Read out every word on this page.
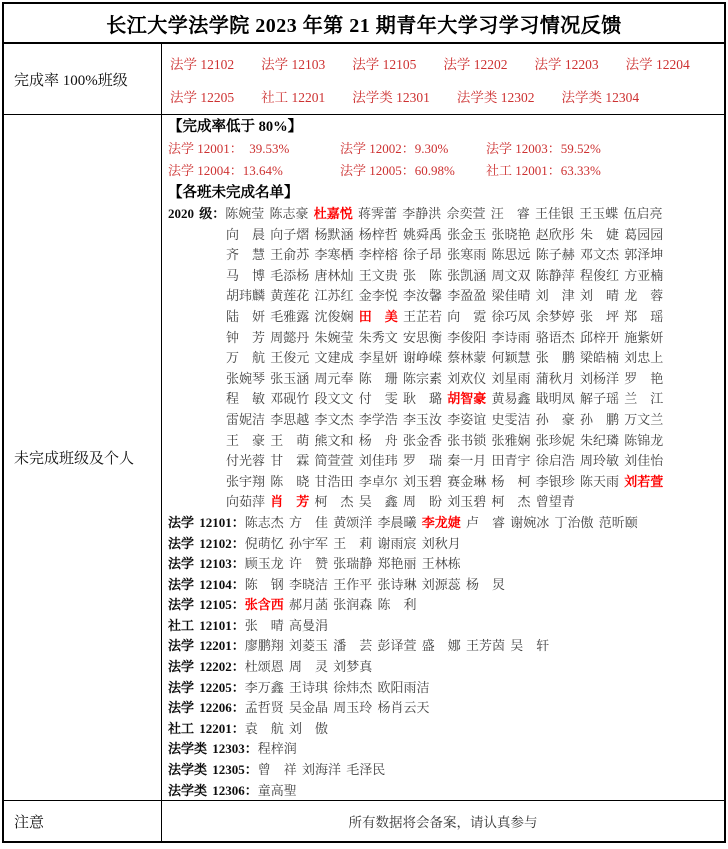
长江大学法学院 2023 年第 21 期青年大学习学习情况反馈
完成率 100%班级
法学 12102 法学 12103 法学 12105 法学 12202 法学 12203 法学 12204
法学 12205 社工 12201 法学类 12301 法学类 12302 法学类 12304
未完成班级及个人
【完成率低于 80%】
法学 12001：　39.53%	法学 12002：9.30%	法学 12003：59.52%
法学 12004：13.64%	法学 12005：60.98% 社工 12001：63.33%
【各班未完成名单】
2020 级：陈婉莹 陈志豪 杜嘉悦 蒋霁蕾 李静洪 佘奕萱 汪　睿 王佳银 王玉蝶 伍启亮
向　晨 向子熠 杨默涵 杨梓哲 姚舜禹 张金玉 张晓艳 赵欣彤 朱　婕 葛园园
齐　慧 王俞苏 李寒栖 李梓榕 徐子昂 张寒雨 陈思远 陈子赫 邓文杰 郭泽坤
马　博 毛添杨 唐林灿 王文贵 张　陈 张凯涵 周文双 陈静萍 程俊红 方亚楠
胡玮麟 黄莲花 江苏红 金李悦 李汝馨 李盈盈 梁佳晴 刘　津 刘　晴 龙　蓉
陆　妍 毛雅露 沈俊娴 田　美 王芷若 向　霓 徐巧凤 余梦婷 张　坪 郑　瑶
钟　芳 周懿丹 朱婉莹 朱秀文 安思衡 李俊阳 李诗雨 骆语杰 邱梓开 施紫妍
万　航 王俊元 文建成 李星妍 谢峥嵘 蔡林蒙 何颖慧 张　鹏 梁皓楠 刘忠上
张婉琴 张玉涵 周元奉 陈　珊 陈宗素 刘欢仪 刘星雨 蒲秋月 刘杨洋 罗　艳
程　敏 邓砚竹 段文文 付　雯 耿　璐 胡智豪 黄易鑫 戢明凤 解子瑶 兰　江
雷妮洁 李思越 李文杰 李学浩 李玉汝 李姿谊 史雯洁 孙　豪 孙　鹏 万文兰
王　豪 王　萌 熊文和 杨　舟 张金香 张书锁 张雅娴 张珍妮 朱纪璘 陈锦龙
付光蓉 甘　霖 简萱萱 刘佳玮 罗　瑞 秦一月 田青宇 徐启浩 周玲敏 刘佳怡
张宇翔 陈　晓 甘浩田 李卓尔 刘玉碧 赛金琳 杨　柯 李银珍 陈天雨 刘若萱
向茹萍 肖　芳 柯　杰 吴　鑫 周　盼 刘玉碧 柯　杰 曾望青
法学 12101：陈志杰 方　佳 黄颂洋 李晨曦 李龙婕 卢　睿 谢婉冰 丁治傲 范昕颐
法学 12102：倪萌忆 孙宇军 王　莉 谢雨宸 刘秋月
法学 12103：顾玉龙 许　赞 张瑞静 郑艳丽 王林栋
法学 12104：陈　钢 李晓洁 王作平 张诗琳 刘源蕊 杨　炅
法学 12105：张含西 郝月菡 张润森 陈　利
社工 12101：张　晴 高曼涓
法学 12201：廖鹏翔 刘菱玉 潘　芸 彭译萱 盛　娜 王芳茵 吴　轩
法学 12202：杜颂恩 周　灵 刘梦真
法学 12205：李万鑫 王诗琪 徐炜杰 欧阳雨洁
法学 12206：孟哲贤 吴金晶 周玉玲 杨肖云天
社工 12201：袁　航 刘　傲
法学类 12303：程梓润
法学类 12305：曾　祥 刘海洋 毛泽民
法学类 12306：童高聖
注意	所有数据将会备案，请认真参与
